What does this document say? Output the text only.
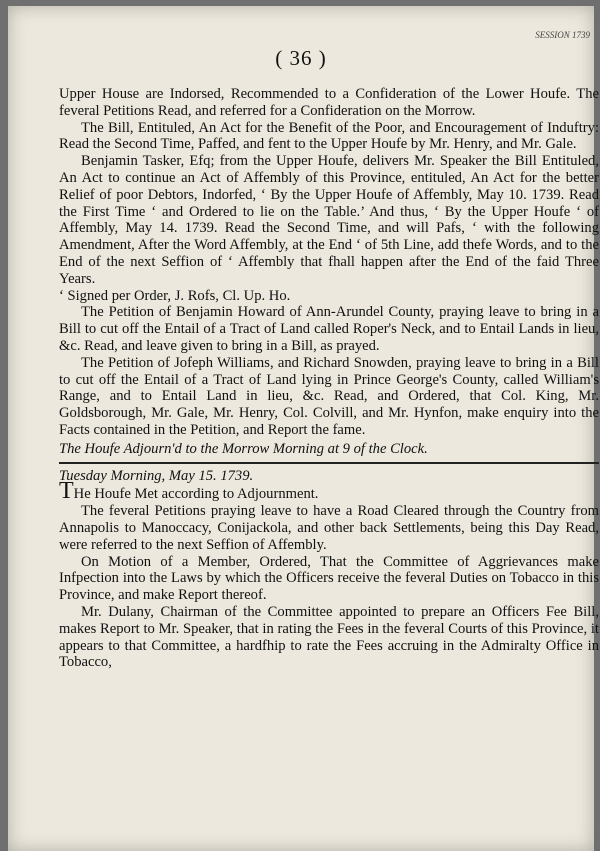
SESSION 1739
( 36 )

Upper House are Indorsed, Recommended to a Confideration of the Lower Houfe. The feveral Petitions Read, and referred for a Confideration on the Morrow.

The Bill, Entituled, An Act for the Benefit of the Poor, and Encouragement of Induftry: Read the Second Time, Paffed, and fent to the Upper Houfe by Mr. Henry, and Mr. Gale.

Benjamin Tasker, Efq; from the Upper Houfe, delivers Mr. Speaker the Bill Entituled, An Act to continue an Act of Affembly of this Province, entituled, An Act for the better Relief of poor Debtors, Indorfed, ‘ By the Upper Houfe of Affembly, May 10. 1739. Read the First Time ‘ and Ordered to lie on the Table.’ And thus, ‘ By the Upper Houfe ‘ of Affembly, May 14. 1739. Read the Second Time, and will Pafs, ‘ with the following Amendment, After the Word Affembly, at the End ‘ of 5th Line, add thefe Words, and to the End of the next Seffion of ‘ Affembly that fhall happen after the End of the faid Three Years.

‘ Signed per Order, J. Rofs, Cl. Up. Ho.

The Petition of Benjamin Howard of Ann-Arundel County, praying leave to bring in a Bill to cut off the Entail of a Tract of Land called Roper's Neck, and to Entail Lands in lieu, &c. Read, and leave given to bring in a Bill, as prayed.

The Petition of Jofeph Williams, and Richard Snowden, praying leave to bring in a Bill to cut off the Entail of a Tract of Land lying in Prince George's County, called William's Range, and to Entail Land in lieu, &c. Read, and Ordered, that Col. King, Mr. Goldsborough, Mr. Gale, Mr. Henry, Col. Colvill, and Mr. Hynfon, make enquiry into the Facts contained in the Petition, and Report the fame.

The Houfe Adjourn'd to the Morrow Morning at 9 of the Clock.

Tuesday Morning, May 15. 1739.

THe Houfe Met according to Adjournment.

The feveral Petitions praying leave to have a Road Cleared through the Country from Annapolis to Manoccacy, Conijackola, and other back Settlements, being this Day Read, were referred to the next Seffion of Affembly.

On Motion of a Member, Ordered, That the Committee of Aggrievances make Infpection into the Laws by which the Officers receive the feveral Duties on Tobacco in this Province, and make Report thereof.

Mr. Dulany, Chairman of the Committee appointed to prepare an Officers Fee Bill, makes Report to Mr. Speaker, that in rating the Fees in the feveral Courts of this Province, it appears to that Committee, a hardfhip to rate the Fees accruing in the Admiralty Office in Tobacco,
